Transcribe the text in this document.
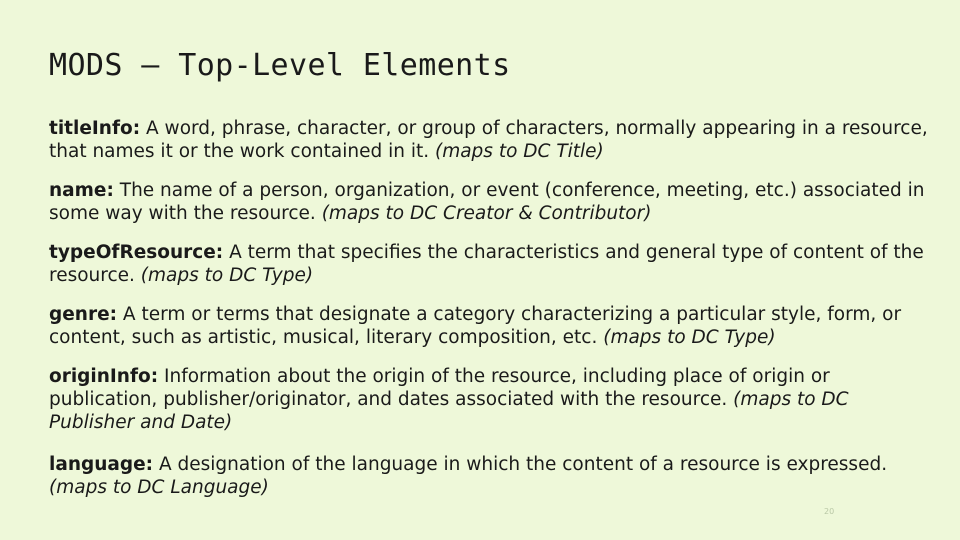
MODS – Top-Level Elements
titleInfo: A word, phrase, character, or group of characters, normally appearing in a resource, that names it or the work contained in it. (maps to DC Title)
name: The name of a person, organization, or event (conference, meeting, etc.) associated in some way with the resource. (maps to DC Creator & Contributor)
typeOfResource: A term that specifies the characteristics and general type of content of the resource. (maps to DC Type)
genre: A term or terms that designate a category characterizing a particular style, form, or content, such as artistic, musical, literary composition, etc. (maps to DC Type)
originInfo: Information about the origin of the resource, including place of origin or publication, publisher/originator, and dates associated with the resource. (maps to DC Publisher and Date)
language: A designation of the language in which the content of a resource is expressed. (maps to DC Language)
20
